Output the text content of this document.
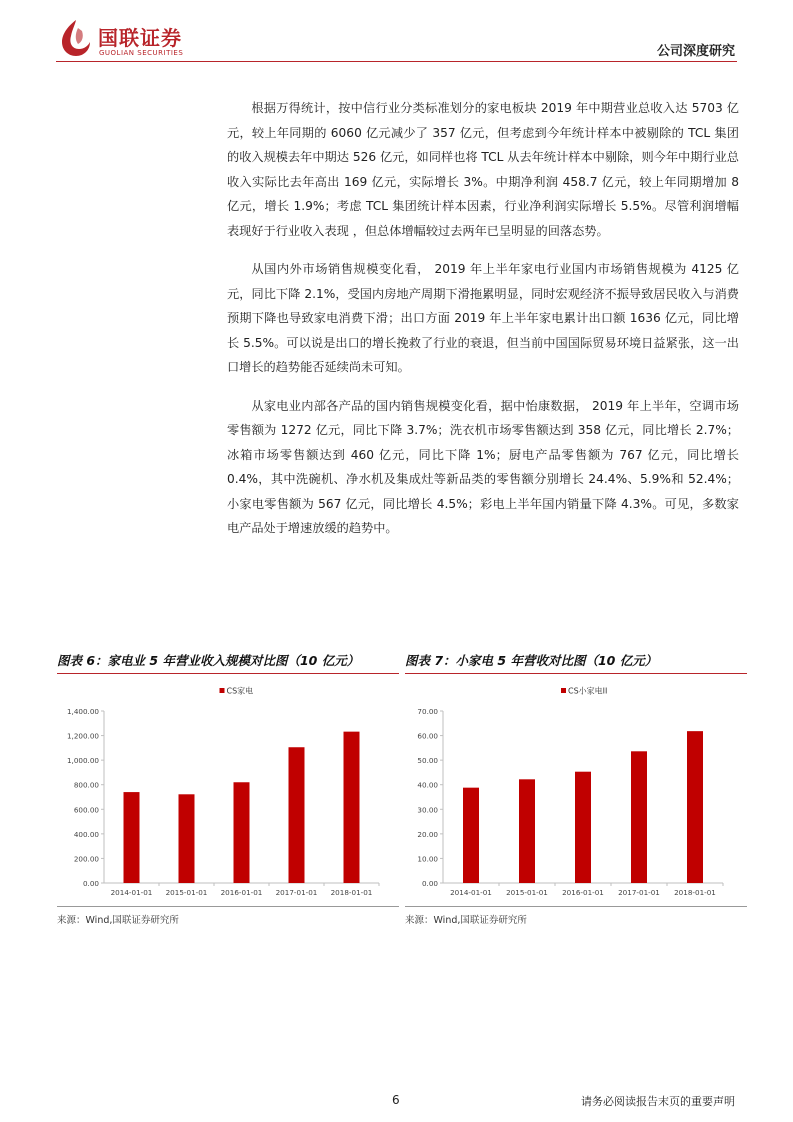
国联证券
GUOLIAN SECURITIES	公司深度研究

根据万得统计，按中信行业分类标准划分的家电板块 2019 年中期营业总收入达 5703 亿元，较上年同期的 6060 亿元减少了 357 亿元，但考虑到今年统计样本中被剔除的 TCL 集团的收入规模去年中期达 526 亿元，如同样也将 TCL 从去年统计样本中剔除，则今年中期行业总收入实际比去年高出 169 亿元，实际增长 3%。中期净利润 458.7 亿元，较上年同期增加 8 亿元，增长 1.9%；考虑 TCL 集团统计样本因素，行业净利润实际增长 5.5%。尽管利润增幅表现好于行业收入表现 ，但总体增幅较过去两年已呈明显的回落态势。

从国内外市场销售规模变化看， 2019 年上半年家电行业国内市场销售规模为 4125 亿元，同比下降 2.1%，受国内房地产周期下滑拖累明显，同时宏观经济不振导致居民收入与消费预期下降也导致家电消费下滑；出口方面 2019 年上半年家电累计出口额 1636 亿元，同比增长 5.5%。可以说是出口的增长挽救了行业的衰退，但当前中国国际贸易环境日益紧张，这一出口增长的趋势能否延续尚未可知。

从家电业内部各产品的国内销售规模变化看，据中怡康数据， 2019 年上半年，空调市场零售额为 1272 亿元，同比下降 3.7%；洗衣机市场零售额达到 358 亿元，同比增长 2.7%；冰箱市场零售额达到 460 亿元，同比下降 1%；厨电产品零售额为 767 亿元，同比增长 0.4%，其中洗碗机、净水机及集成灶等新品类的零售额分别增长 24.4%、5.9%和 52.4%；小家电零售额为 567 亿元，同比增长 4.5%；彩电上半年国内销量下降 4.3%。可见，多数家电产品处于增速放缓的趋势中。

图表 6：家电业 5 年营业收入规模对比图（10 亿元）
CS家电
0.00
200.00
400.00
600.00
800.00
1,000.00
1,200.00
1,400.00
2014-01-01 2015-01-01 2016-01-01 2017-01-01 2018-01-01
来源：Wind,国联证券研究所
图表 7：小家电 5 年营收对比图（10 亿元）
CS小家电II
0.00
10.00
20.00
30.00
40.00
50.00
60.00
70.00
2014-01-01 2015-01-01 2016-01-01 2017-01-01 2018-01-01
来源：Wind,国联证券研究所
6	请务必阅读报告末页的重要声明
